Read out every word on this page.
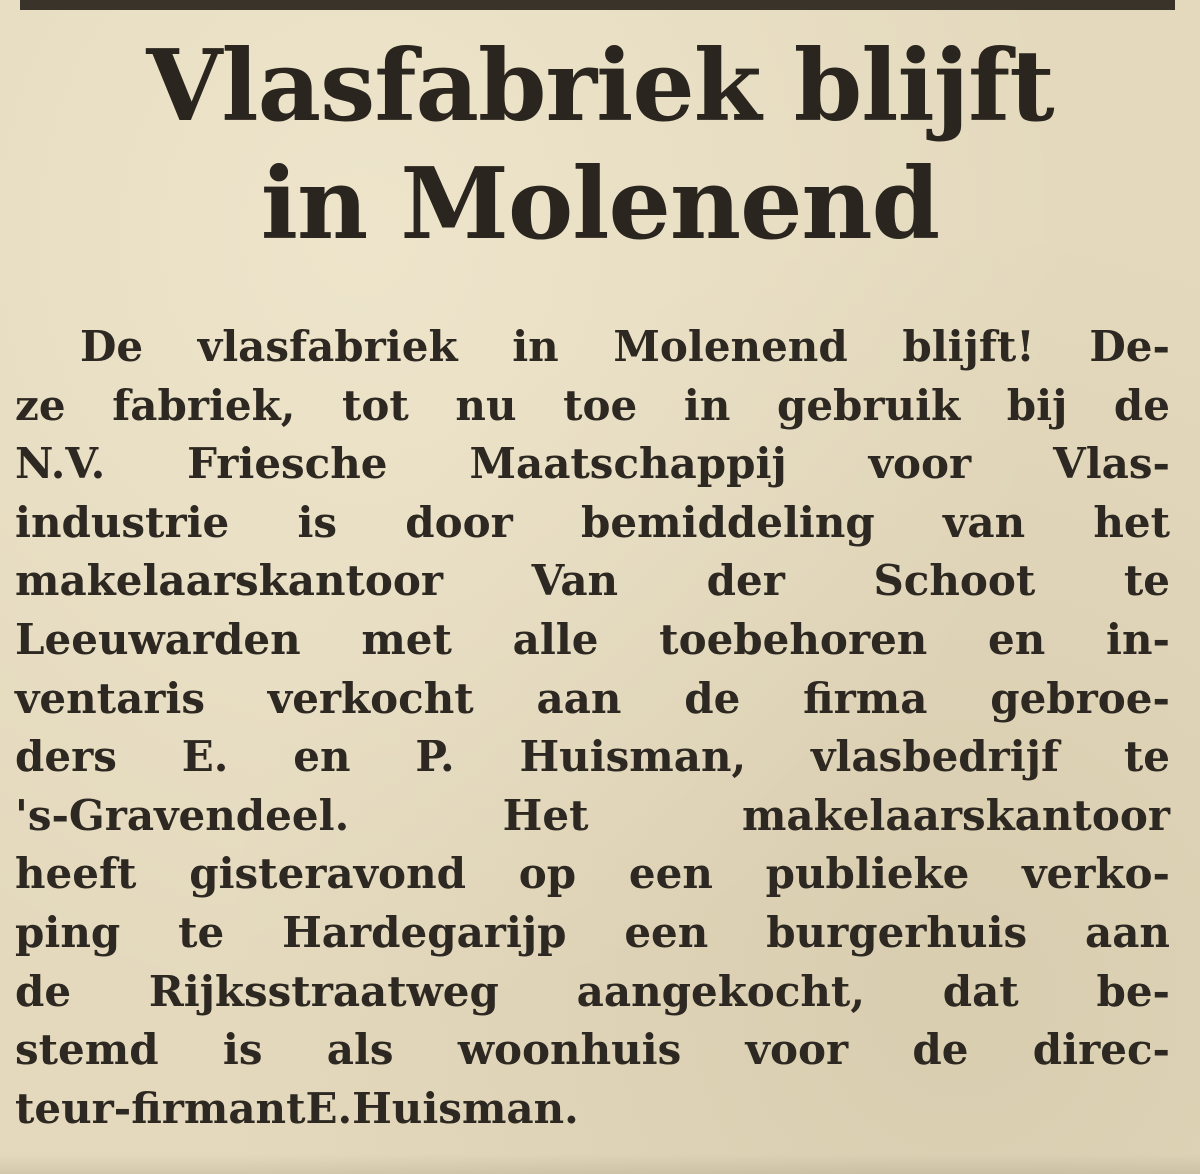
Vlasfabriek blijft
in Molenend
De vlasfabriek in Molenend blijft! De-
ze fabriek, tot nu toe in gebruik bij de
N.V. Friesche Maatschappij voor Vlas-
industrie is door bemiddeling van het
makelaarskantoor Van der Schoot te
Leeuwarden met alle toebehoren en in-
ventaris verkocht aan de firma gebroe-
ders E. en P. Huisman, vlasbedrijf te
's-Gravendeel.	Het	makelaarskantoor
heeft gisteravond op een publieke verko-
ping te Hardegarijp een burgerhuis aan
de Rijksstraatweg aangekocht, dat be-
stemd is als woonhuis voor de direc-
teur-firmant E. Huisman.
